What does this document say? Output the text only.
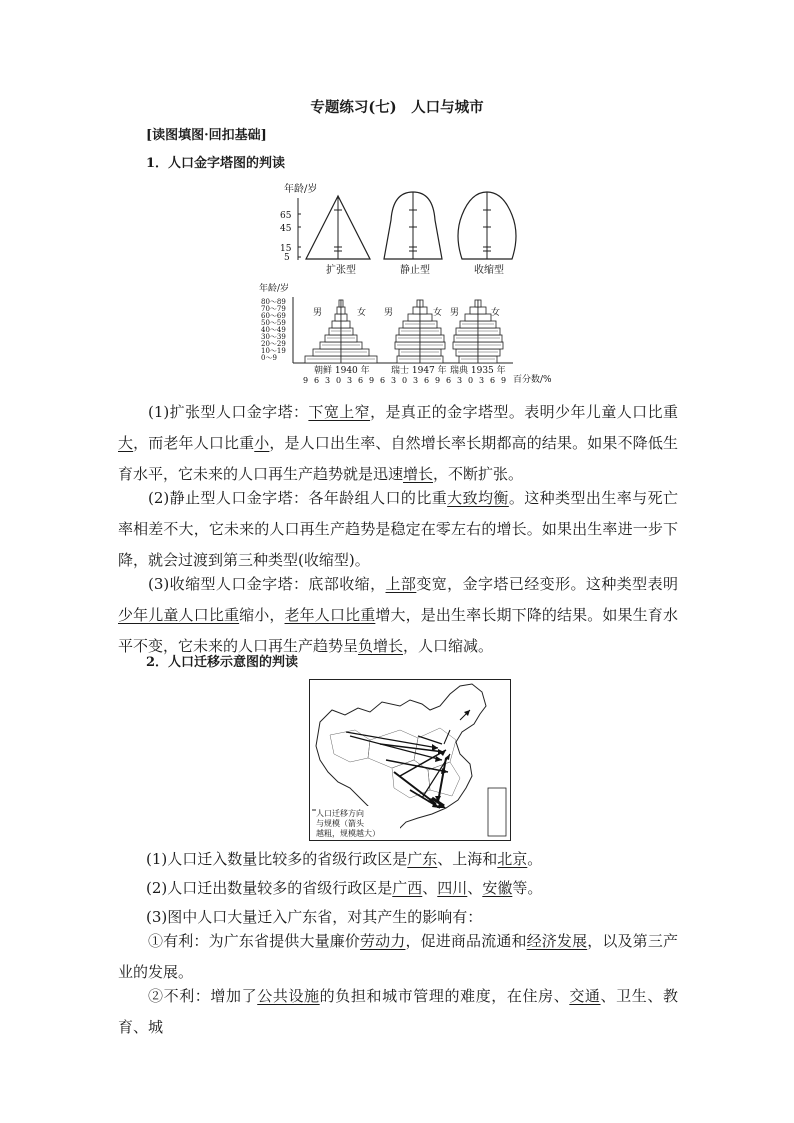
专题练习(七)　人口与城市
[读图填图·回扣基础]
1．人口金字塔图的判读
年龄/岁
65
45
15
5
扩张型	静止型	收缩型
年龄/岁
80～89
70～79
60～69
50～59
40～49
30～39
20～29
10～19
0～9
男	女 男	女 男	女
朝鲜 1940 年 瑞士 1947 年 瑞典 1935 年
9 6 3 0 3 6 9 6 3 0 3 6 9 6 3 0 3 6 9 百分数/%
(1)扩张型人口金字塔：下宽上窄，是真正的金字塔型。表明少年儿童人口比重大，而老年人口比重小，是人口出生率、自然增长率长期都高的结果。如果不降低生育水平，它未来的人口再生产趋势就是迅速增长，不断扩张。
(2)静止型人口金字塔：各年龄组人口的比重大致均衡。这种类型出生率与死亡率相差不大，它未来的人口再生产趋势是稳定在零左右的增长。如果出生率进一步下降，就会过渡到第三种类型(收缩型)。
(3)收缩型人口金字塔：底部收缩，上部变宽，金字塔已经变形。这种类型表明少年儿童人口比重缩小，老年人口比重增大，是出生率长期下降的结果。如果生育水平不变，它未来的人口再生产趋势呈负增长，人口缩减。
2．人口迁移示意图的判读
人口迁移方向
与规模（箭头
越粗，规模越大）
(1)人口迁入数量比较多的省级行政区是广东、上海和北京。
(2)人口迁出数量较多的省级行政区是广西、四川、安徽等。
(3)图中人口大量迁入广东省，对其产生的影响有：
①有利：为广东省提供大量廉价劳动力，促进商品流通和经济发展，以及第三产业的发展。
②不利：增加了公共设施的负担和城市管理的难度，在住房、交通、卫生、教育、城
